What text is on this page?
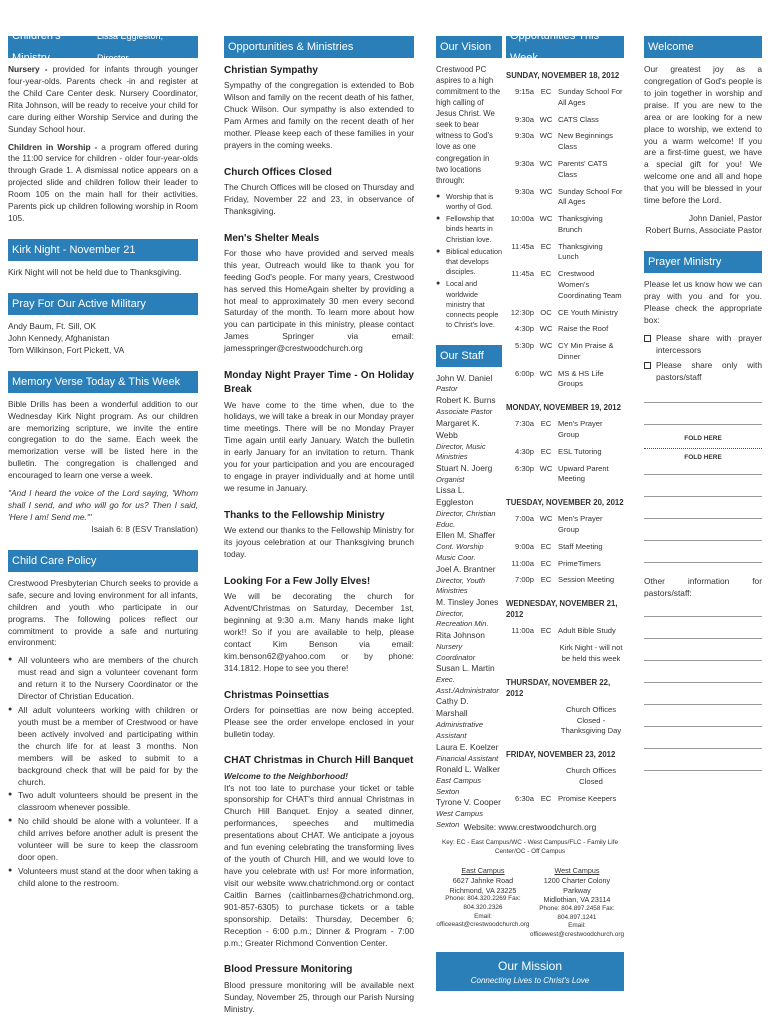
Children's Ministry
Lissa Eggleston, Director

Nursery - provided for infants through younger four-year-olds. Parents check -in and register at the Child Care Center desk. Nursery Coordinator, Rita Johnson, will be ready to receive your child for care during either Worship Service and during the Sunday School hour.

Children in Worship - a program offered during the 11:00 service for children - older four-year-olds through Grade 1. A dismissal notice appears on a projected slide and children follow their leader to Room 105 on the main hall for their activities. Parents pick up children following worship in Room 105.

Kirk Night - November 21

Kirk Night will not be held due to Thanksgiving.

Pray For Our Active Military
Andy Baum, Ft. Sill, OK
John Kennedy, Afghanistan
Tom Wilkinson, Fort Pickett, VA
Memory Verse Today & This Week

Bible Drills has been a wonderful addition to our Wednesday Kirk Night program. As our children are memorizing scripture, we invite the entire congregation to do the same. Each week the memorization verse will be listed here in the bulletin. The congregation is challenged and encouraged to learn one verse a week.

"And I heard the voice of the Lord saying, 'Whom shall I send, and who will go for us? Then I said, 'Here I am! Send me.'"

Isaiah 6: 8 (ESV Translation)

Child Care Policy

Crestwood Presbyterian Church seeks to provide a safe, secure and loving environment for all infants, children and youth who participate in our programs. The following polices reflect our commitment to provide a safe and nurturing environment:

● All volunteers who are members of the church must read and sign a volunteer covenant form and return it to the Nursery Coordinator or the Director of Christian Education.
● All adult volunteers working with children or youth must be a member of Crestwood or have been actively involved and participating within the church life for at least 3 months. Non members will be asked to submit to a background check that will be paid for by the church.
● Two adult volunteers should be present in the classroom whenever possible.
● No child should be alone with a volunteer. If a child arrives before another adult is present the volunteer will be sure to keep the classroom door open.
● Volunteers must stand at the door when taking a child alone to the restroom.
Opportunities & Ministries
Christian Sympathy

Sympathy of the congregation is extended to Bob Wilson and family on the recent death of his father, Chuck Wilson. Our sympathy is also extended to Pam Armes and family on the recent death of her mother. Please keep each of these families in your prayers in the coming weeks.

Church Offices Closed

The Church Offices will be closed on Thursday and Friday, November 22 and 23, in observance of Thanksgiving.

Men's Shelter Meals

For those who have provided and served meals this year, Outreach would like to thank you for feeding God's people. For many years, Crestwood has served this HomeAgain shelter by providing a hot meal to approximately 30 men every second Saturday of the month. To learn more about how you can participate in this ministry, please contact James Springer via email: jamesspringer@crestwoodchurch.org

Monday Night Prayer Time - On Holiday Break

We have come to the time when, due to the holidays, we will take a break in our Monday prayer time meetings. There will be no Monday Prayer Time again until early January. Watch the bulletin in early January for an invitation to return. Thank you for your participation and you are encouraged to engage in prayer individually and at home until we resume in January.

Thanks to the Fellowship Ministry

We extend our thanks to the Fellowship Ministry for its joyous celebration at our Thanksgiving brunch today.

Looking For a Few Jolly Elves!

We will be decorating the church for Advent/Christmas on Saturday, December 1st, beginning at 9:30 a.m. Many hands make light work!! So if you are available to help, please contact Kim Benson via email: kim.benson62@yahoo.com or by phone: 314.1812. Hope to see you there!

Christmas Poinsettias

Orders for poinsettias are now being accepted. Please see the order envelope enclosed in your bulletin today.

CHAT Christmas in Church Hill Banquet
Welcome to the Neighborhood!

It's not too late to purchase your ticket or table sponsorship for CHAT's third annual Christmas in Church Hill Banquet. Enjoy a seated dinner, performances, speeches and multimedia presentations about CHAT. We anticipate a joyous and fun evening celebrating the transforming lives of the youth of Church Hill, and we would love to have you celebrate with us! For more information, visit our website www.chatrichmond.org or contact Caitlin Barnes (caitlinbarnes@chatrichmond.org, 901-857-6305) to purchase tickets or a table sponsorship. Details: Thursday, December 6; Reception - 6:00 p.m.; Dinner & Program - 7:00 p.m.; Greater Richmond Convention Center.

Blood Pressure Monitoring

Blood pressure monitoring will be available next Sunday, November 25, through our Parish Nursing Ministry.

Our Vision

Crestwood PC aspires to a high commitment to the high calling of Jesus Christ. We seek to bear witness to God's love as one congregation in two locations through:

● Worship that is worthy of God.
● Fellowship that binds hearts in Christian love.
● Biblical education that develops disciples.
● Local and worldwide ministry that connects people to Christ's love.
Our Staff
John W. Daniel
Pastor
Robert K. Burns
Associate Pastor
Margaret K. Webb
Director, Music Ministries
Stuart N. Joerg
Organist
Lissa L. Eggleston
Director, Christian Educ.
Ellen M. Shaffer
Cont. Worship Music Coor.
Joel A. Brantner
Director, Youth Ministries
M. Tinsley Jones
Director, Recreation Min.
Rita Johnson
Nursery Coordinator
Susan L. Martin
Exec. Asst./Administrator
Cathy D. Marshall
Administrative Assistant
Laura E. Koelzer
Financial Assistant
Ronald L. Walker
East Campus Sexton
Tyrone V. Cooper
West Campus Sexton
Opportunities This Week
SUNDAY, NOVEMBER 18, 2012
9:15a EC Sunday School For All Ages
9:30a WC CATS Class
9:30a WC New Beginnings Class
9:30a WC Parents' CATS Class
9:30a WC Sunday School For All Ages
10:00a WC Thanksgiving Brunch
11:45a EC Thanksgiving Lunch
11:45a EC Crestwood Women's Coordinating Team
12:30p OC CE Youth Ministry
4:30p WC Raise the Roof
5:30p WC CY Min Praise & Dinner
6:00p WC MS & HS Life Groups
MONDAY, NOVEMBER 19, 2012
7:30a EC Men's Prayer Group
4:30p EC ESL Tutoring
6:30p WC Upward Parent Meeting
TUESDAY, NOVEMBER 20, 2012
7:00a WC Men's Prayer Group
9:00a EC Staff Meeting
11:00a EC PrimeTimers
7:00p EC Session Meeting
WEDNESDAY, NOVEMBER 21, 2012
11:00a EC Adult Bible Study
Kirk Night - will not be held this week
THURSDAY, NOVEMBER 22, 2012
Church Offices Closed - Thanksgiving Day
FRIDAY, NOVEMBER 23, 2012
Church Offices Closed
6:30a EC Promise Keepers
Website: www.crestwoodchurch.org
Key: EC - East Campus/WC - West Campus/FLC - Family Life Center/OC - Off Campus
East Campus
6627 Jahnke Road
Richmond, VA 23225
Phone: 804.320.2269 Fax: 804.320.2326
Email: officeeast@crestwoodchurch.org
West Campus
1200 Charter Colony Parkway
Midlothian, VA 23114
Phone: 804.897.2458 Fax: 804.897.1241
Email: officewest@crestwoodchurch.org
Our Mission
Connecting Lives to Christ's Love
Welcome

Our greatest joy as a congregation of God's people is to join together in worship and praise. If you are new to the area or are looking for a new place to worship, we extend to you a warm welcome! If you are a first-time guest, we have a special gift for you! We welcome one and all and hope that you will be blessed in your time before the Lord.

John Daniel, Pastor
Robert Burns, Associate Pastor
Prayer Ministry

Please let us know how we can pray with you and for you. Please check the appropriate box:

Please share with prayer intercessors
Please share only with pastors/staff
FOLD HERE
FOLD HERE
Other information for pastors/staff:
